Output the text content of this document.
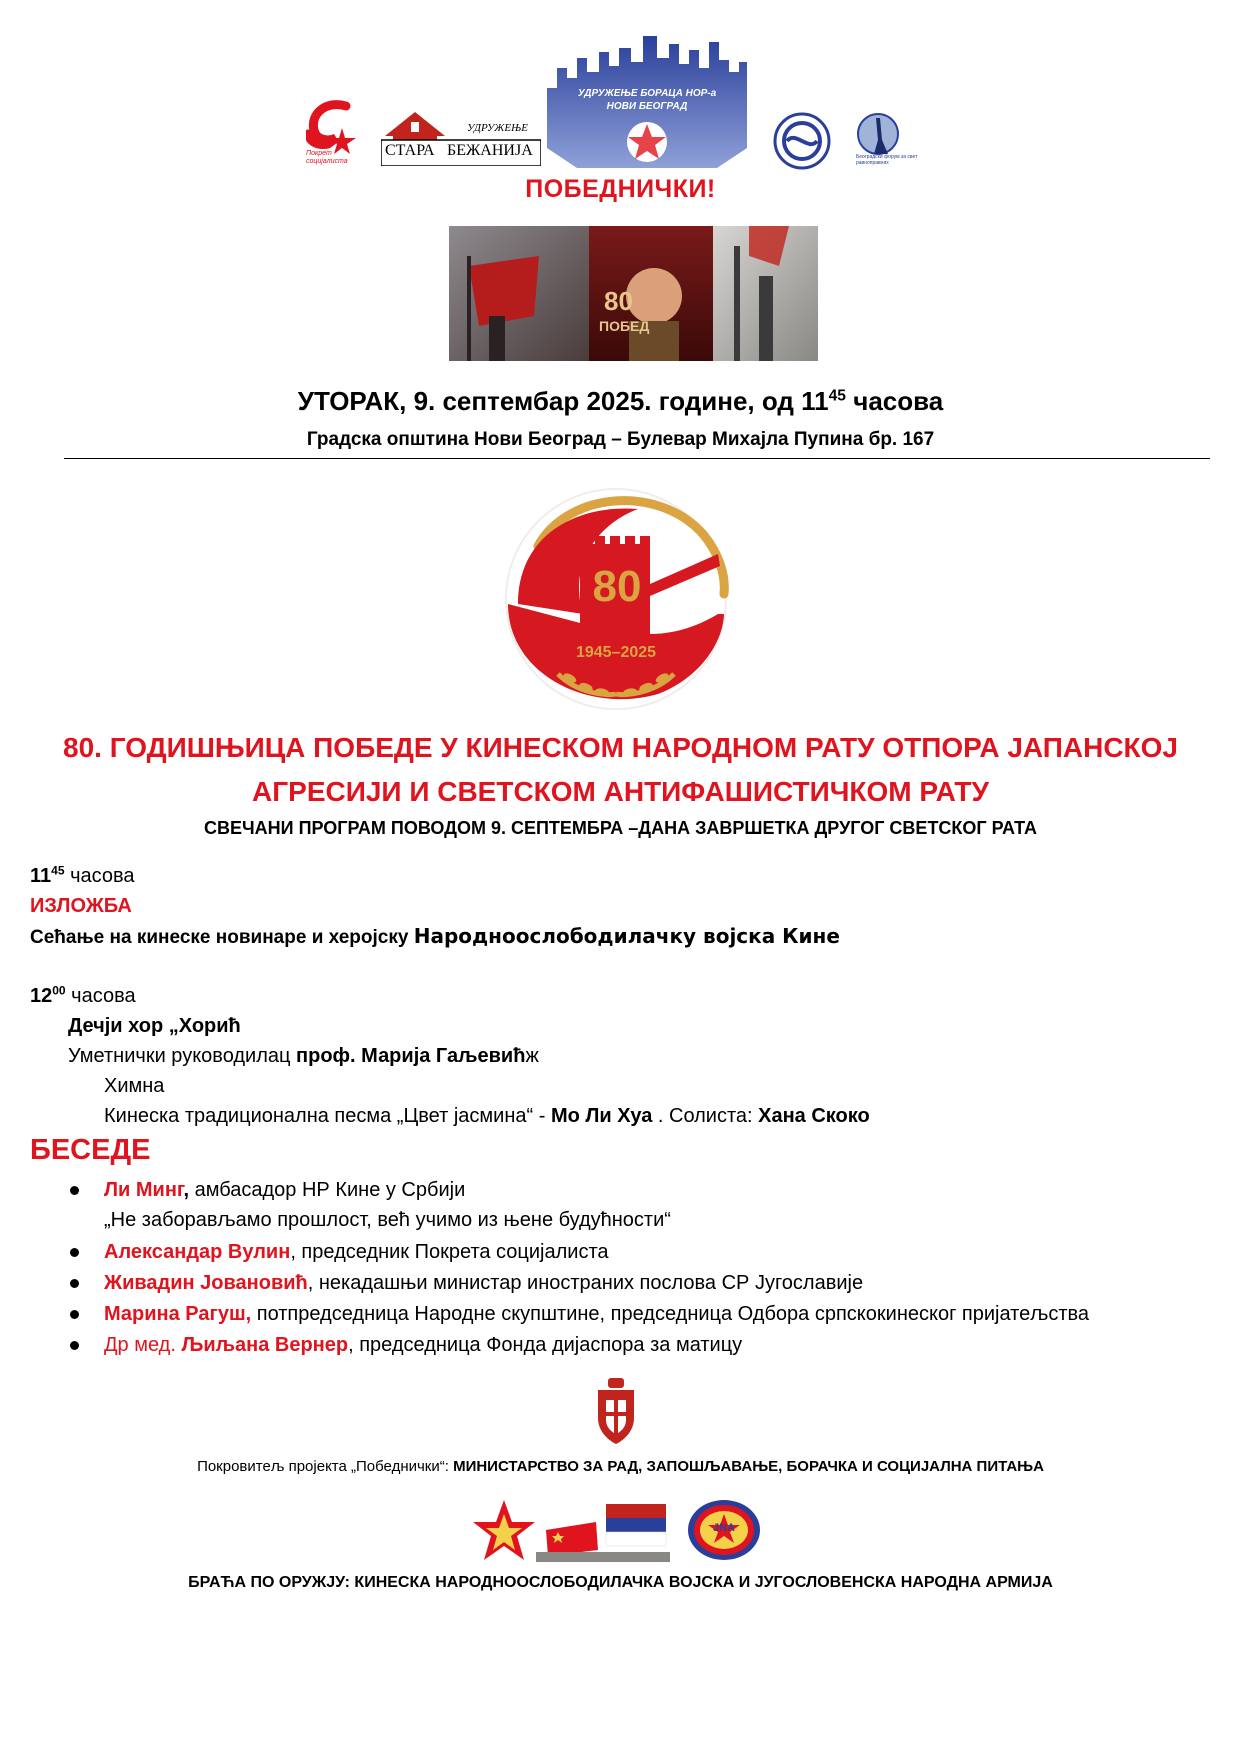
Покрет социјалиста
УДРУЖЕЊЕ
СТАРА БЕЖАНИЈА
УДРУЖЕЊЕ БОРАЦА НОР-а
НОВИ БЕОГРАД
Београдски форум за свет равноправних
ПОБЕДНИЧКИ!
80
ПОБЕД
УТОРАК, 9. септембар 2025. године, од $11^{45}$ часова
Градска општина Нови Београд – Булевар Михајла Пупина бр. 167
80
1945–2025
80. ГОДИШЊИЦА ПОБЕДЕ У КИНЕСКОМ НАРОДНОМ РАТУ ОТПОРА ЈАПАНСКОЈ
АГРЕСИЈИ И СВЕТСКОМ АНТИФАШИСТИЧКОМ РАТУ
СВЕЧАНИ ПРОГРАМ ПОВОДОМ 9. СЕПТЕМБРА –ДАНА ЗАВРШЕТКА ДРУГОГ СВЕТСКОГ РАТА
$11^{45}$ часова
ИЗЛОЖБА
Сећање на кинеске новинаре и херојску Народноослободилачку војска Кине
$12^{00}$ часова
Дечји хор „Хорић
Уметнички руководилац проф. Марија Гаљевићж
Химна
Кинеска традиционална песма „Цвет јасмина“ - Мо Ли Хуа . Солиста: Хана Скоко
БЕСЕДЕ
Ли Минг, амбасадор НР Кине у Србији
„Не заборављамо прошлост, већ учимо из њене будућности“
Александар Вулин, председник Покрета социјалиста
Живадин Јовановић, некадашњи министар иностраних послова СР Југославије
Марина Рагуш, потпредседница Народне скупштине, председница Одбора српскокинеског пријатељства
Др мед. Љиљана Вернер, председница Фонда дијаспора за матицу
Покровитељ пројекта „Победнички“: МИНИСТАРСТВО ЗА РАД, ЗАПОШЉАВАЊЕ, БОРАЧКА И СОЦИЈАЛНА ПИТАЊА
JNA
БРАЋА ПО ОРУЖЈУ: КИНЕСКА НАРОДНООСЛОБОДИЛАЧКА ВОЈСКА И ЈУГОСЛОВЕНСКА НАРОДНА АРМИЈА
